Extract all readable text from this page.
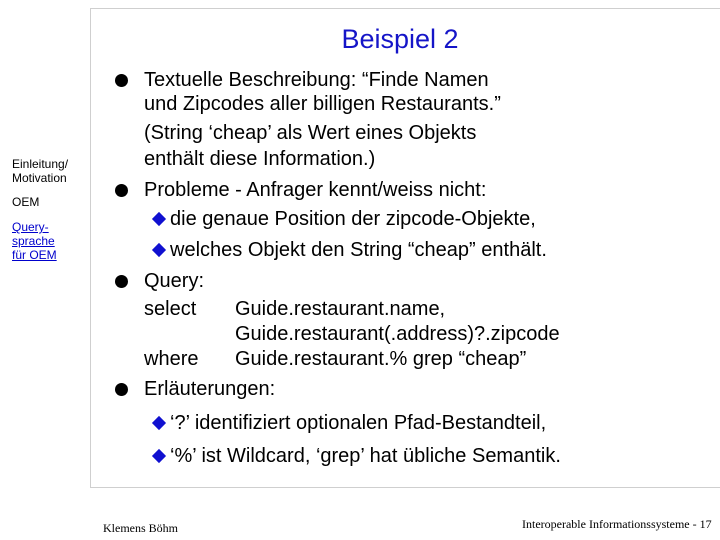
Beispiel 2
Einleitung/ Motivation
OEM
Query- sprache für OEM
Textuelle Beschreibung: “Finde Namen
und Zipcodes aller billigen Restaurants.”
(String ‘cheap’ als Wert eines Objekts
enthält diese Information.)
Probleme - Anfrager kennt/weiss nicht:
die genaue Position der zipcode-Objekte,
welches Objekt den String “cheap” enthält.
Query:
select Guide.restaurant.name,
Guide.restaurant(.address)?.zipcode
where Guide.restaurant.% grep “cheap”
Erläuterungen:
‘?’ identifiziert optionalen Pfad-Bestandteil,
‘%’ ist Wildcard, ‘grep’ hat übliche Semantik.
Klemens Böhm	Interoperable Informationssysteme - 17
